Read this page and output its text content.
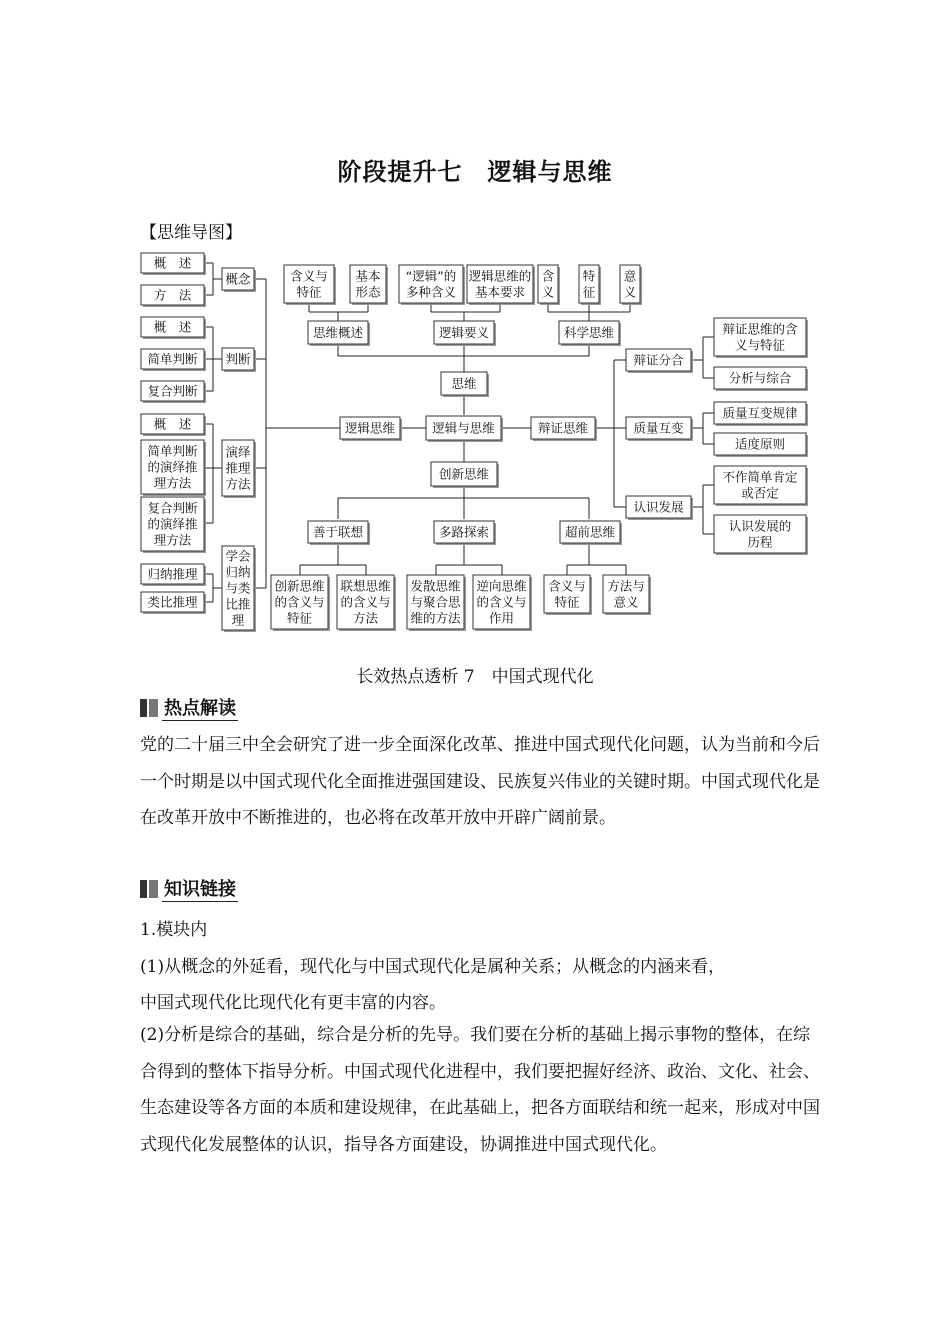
阶段提升七　逻辑与思维
【思维导图】
概　述
方　法
概念
概　述
简单判断
复合判断
判断
概　述
简单判断
的演绎推
理方法
复合判断
的演绎推
理方法
演绎
推理
方法
归纳推理
类比推理
学会
归纳
与类
比推
理
逻辑思维
含义与
特征
基本
形态
“逻辑”的
多种含义
逻辑思维的
基本要求
含
义
特
征
意
义
思维概述	逻辑要义	科学思维
思维
逻辑与思维	辩证思维
辩证分合
质量互变
认识发展
辩证思维的含
义与特征
分析与综合
质量互变规律
适度原则
不作简单肯定
或否定
认识发展的
历程
创新思维
善于联想	多路探索	超前思维
创新思维
的含义与
特征
联想思维
的含义与
方法
发散思维
与聚合思
维的方法
逆向思维
的含义与
作用
含义与
特征
方法与
意义
长效热点透析 7　中国式现代化
热点解读
党的二十届三中全会研究了进一步全面深化改革、推进中国式现代化问题，认为当前和今后一个时期是以中国式现代化全面推进强国建设、民族复兴伟业的关键时期。中国式现代化是在改革开放中不断推进的，也必将在改革开放中开辟广阔前景。
知识链接
1.模块内
(1)从概念的外延看，现代化与中国式现代化是属种关系；从概念的内涵来看，
中国式现代化比现代化有更丰富的内容。
(2)分析是综合的基础，综合是分析的先导。我们要在分析的基础上揭示事物的整体，在综合得到的整体下指导分析。中国式现代化进程中，我们要把握好经济、政治、文化、社会、生态建设等各方面的本质和建设规律，在此基础上，把各方面联结和统一起来，形成对中国式现代化发展整体的认识，指导各方面建设，协调推进中国式现代化。
